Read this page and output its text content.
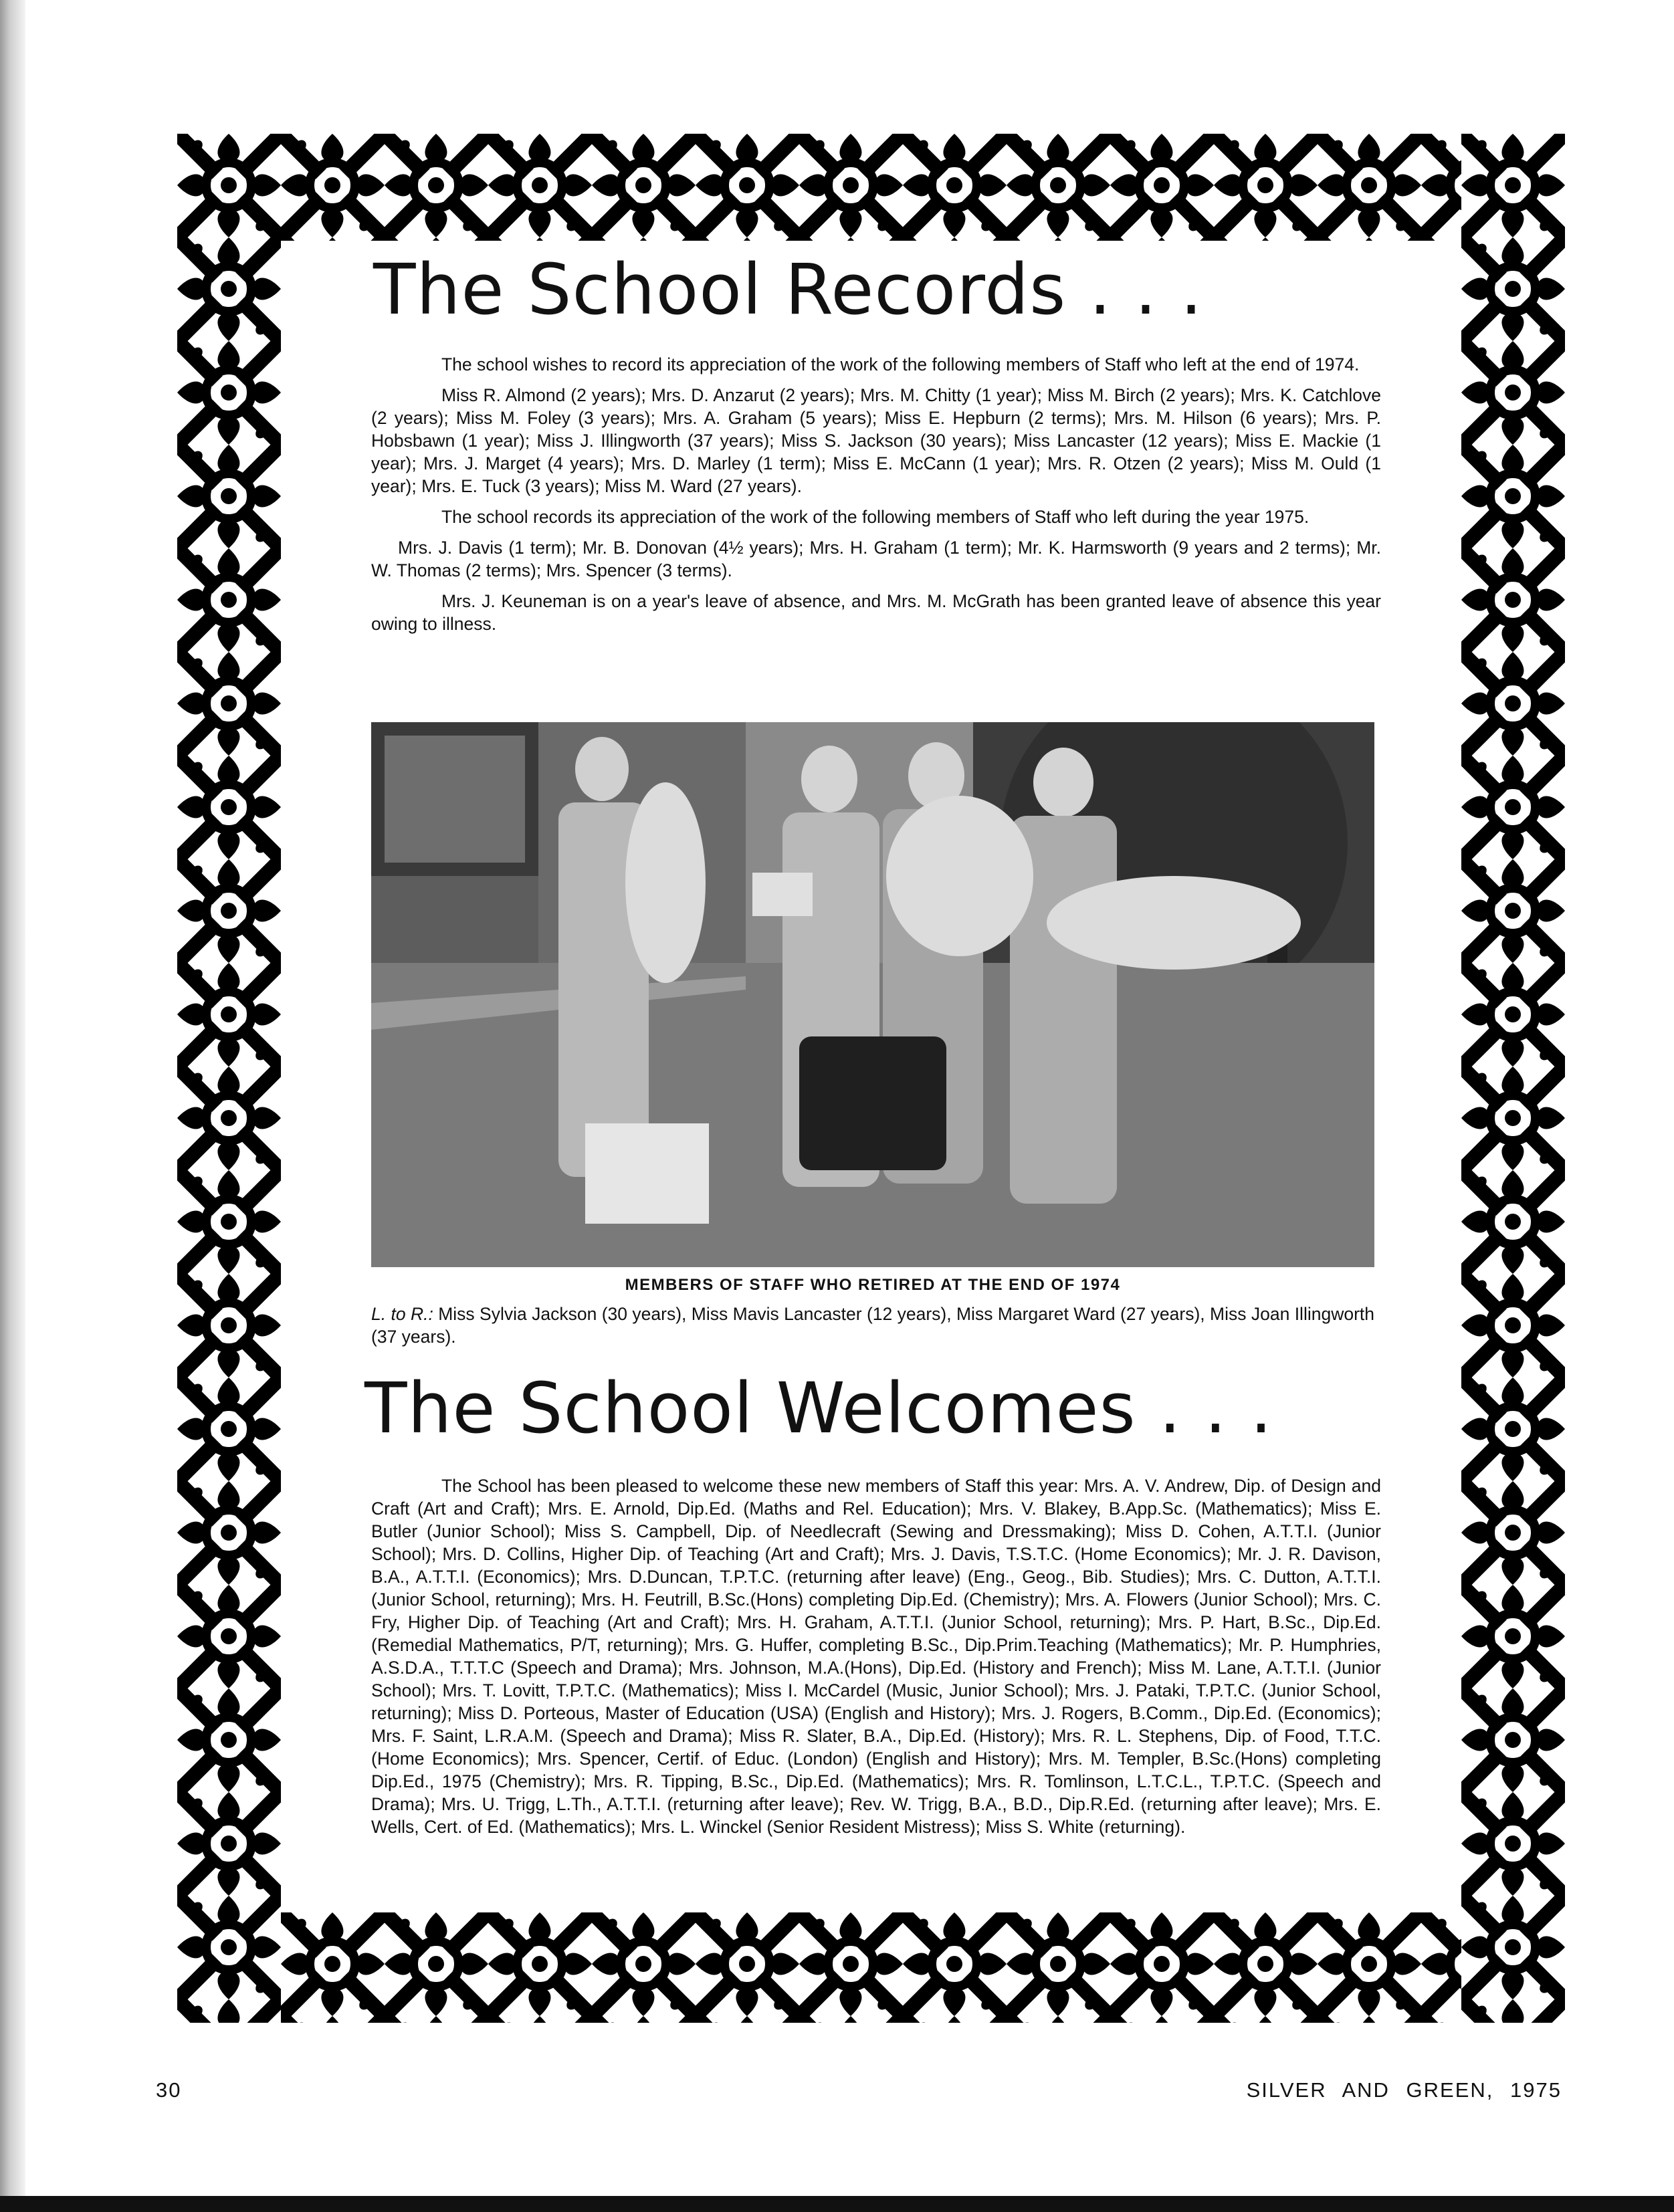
The School Records . . .

The school wishes to record its appreciation of the work of the following members of Staff who left at the end of 1974.

Miss R. Almond (2 years); Mrs. D. Anzarut (2 years); Mrs. M. Chitty (1 year); Miss M. Birch (2 years); Mrs. K. Catchlove (2 years); Miss M. Foley (3 years); Mrs. A. Graham (5 years); Miss E. Hepburn (2 terms); Mrs. M. Hilson (6 years); Mrs. P. Hobsbawn (1 year); Miss J. Illingworth (37 years); Miss S. Jackson (30 years); Miss Lancaster (12 years); Miss E. Mackie (1 year); Mrs. J. Marget (4 years); Mrs. D. Marley (1 term); Miss E. McCann (1 year); Mrs. R. Otzen (2 years); Miss M. Ould (1 year); Mrs. E. Tuck (3 years); Miss M. Ward (27 years).

The school records its appreciation of the work of the following members of Staff who left during the year 1975.

Mrs. J. Davis (1 term); Mr. B. Donovan (4½ years); Mrs. H. Graham (1 term); Mr. K. Harmsworth (9 years and 2 terms); Mr. W. Thomas (2 terms); Mrs. Spencer (3 terms).

Mrs. J. Keuneman is on a year's leave of absence, and Mrs. M. McGrath has been granted leave of absence this year owing to illness.

MEMBERS OF STAFF WHO RETIRED AT THE END OF 1974
L. to R.: Miss Sylvia Jackson (30 years), Miss Mavis Lancaster (12 years), Miss Margaret Ward (27 years), Miss Joan Illingworth (37 years).
The School Welcomes . . .

The School has been pleased to welcome these new members of Staff this year: Mrs. A. V. Andrew, Dip. of Design and Craft (Art and Craft); Mrs. E. Arnold, Dip.Ed. (Maths and Rel. Education); Mrs. V. Blakey, B.App.Sc. (Mathematics); Miss E. Butler (Junior School); Miss S. Campbell, Dip. of Needlecraft (Sewing and Dressmaking); Miss D. Cohen, A.T.T.I. (Junior School); Mrs. D. Collins, Higher Dip. of Teaching (Art and Craft); Mrs. J. Davis, T.S.T.C. (Home Economics); Mr. J. R. Davison, B.A., A.T.T.I. (Economics); Mrs. D.Duncan, T.P.T.C. (returning after leave) (Eng., Geog., Bib. Studies); Mrs. C. Dutton, A.T.T.I. (Junior School, returning); Mrs. H. Feutrill, B.Sc.(Hons) completing Dip.Ed. (Chemistry); Mrs. A. Flowers (Junior School); Mrs. C. Fry, Higher Dip. of Teaching (Art and Craft); Mrs. H. Graham, A.T.T.I. (Junior School, returning); Mrs. P. Hart, B.Sc., Dip.Ed. (Remedial Mathematics, P/T, returning); Mrs. G. Huffer, completing B.Sc., Dip.Prim.Teaching (Mathematics); Mr. P. Humphries, A.S.D.A., T.T.T.C (Speech and Drama); Mrs. Johnson, M.A.(Hons), Dip.Ed. (History and French); Miss M. Lane, A.T.T.I. (Junior School); Mrs. T. Lovitt, T.P.T.C. (Mathematics); Miss I. McCardel (Music, Junior School); Mrs. J. Pataki, T.P.T.C. (Junior School, returning); Miss D. Porteous, Master of Education (USA) (English and History); Mrs. J. Rogers, B.Comm., Dip.Ed. (Economics); Mrs. F. Saint, L.R.A.M. (Speech and Drama); Miss R. Slater, B.A., Dip.Ed. (History); Mrs. R. L. Stephens, Dip. of Food, T.T.C. (Home Economics); Mrs. Spencer, Certif. of Educ. (London) (English and History); Mrs. M. Templer, B.Sc.(Hons) completing Dip.Ed., 1975 (Chemistry); Mrs. R. Tipping, B.Sc., Dip.Ed. (Mathematics); Mrs. R. Tomlinson, L.T.C.L., T.P.T.C. (Speech and Drama); Mrs. U. Trigg, L.Th., A.T.T.I. (returning after leave); Rev. W. Trigg, B.A., B.D., Dip.R.Ed. (returning after leave); Mrs. E. Wells, Cert. of Ed. (Mathematics); Mrs. L. Winckel (Senior Resident Mistress); Miss S. White (returning).

30	SILVER AND GREEN, 1975
